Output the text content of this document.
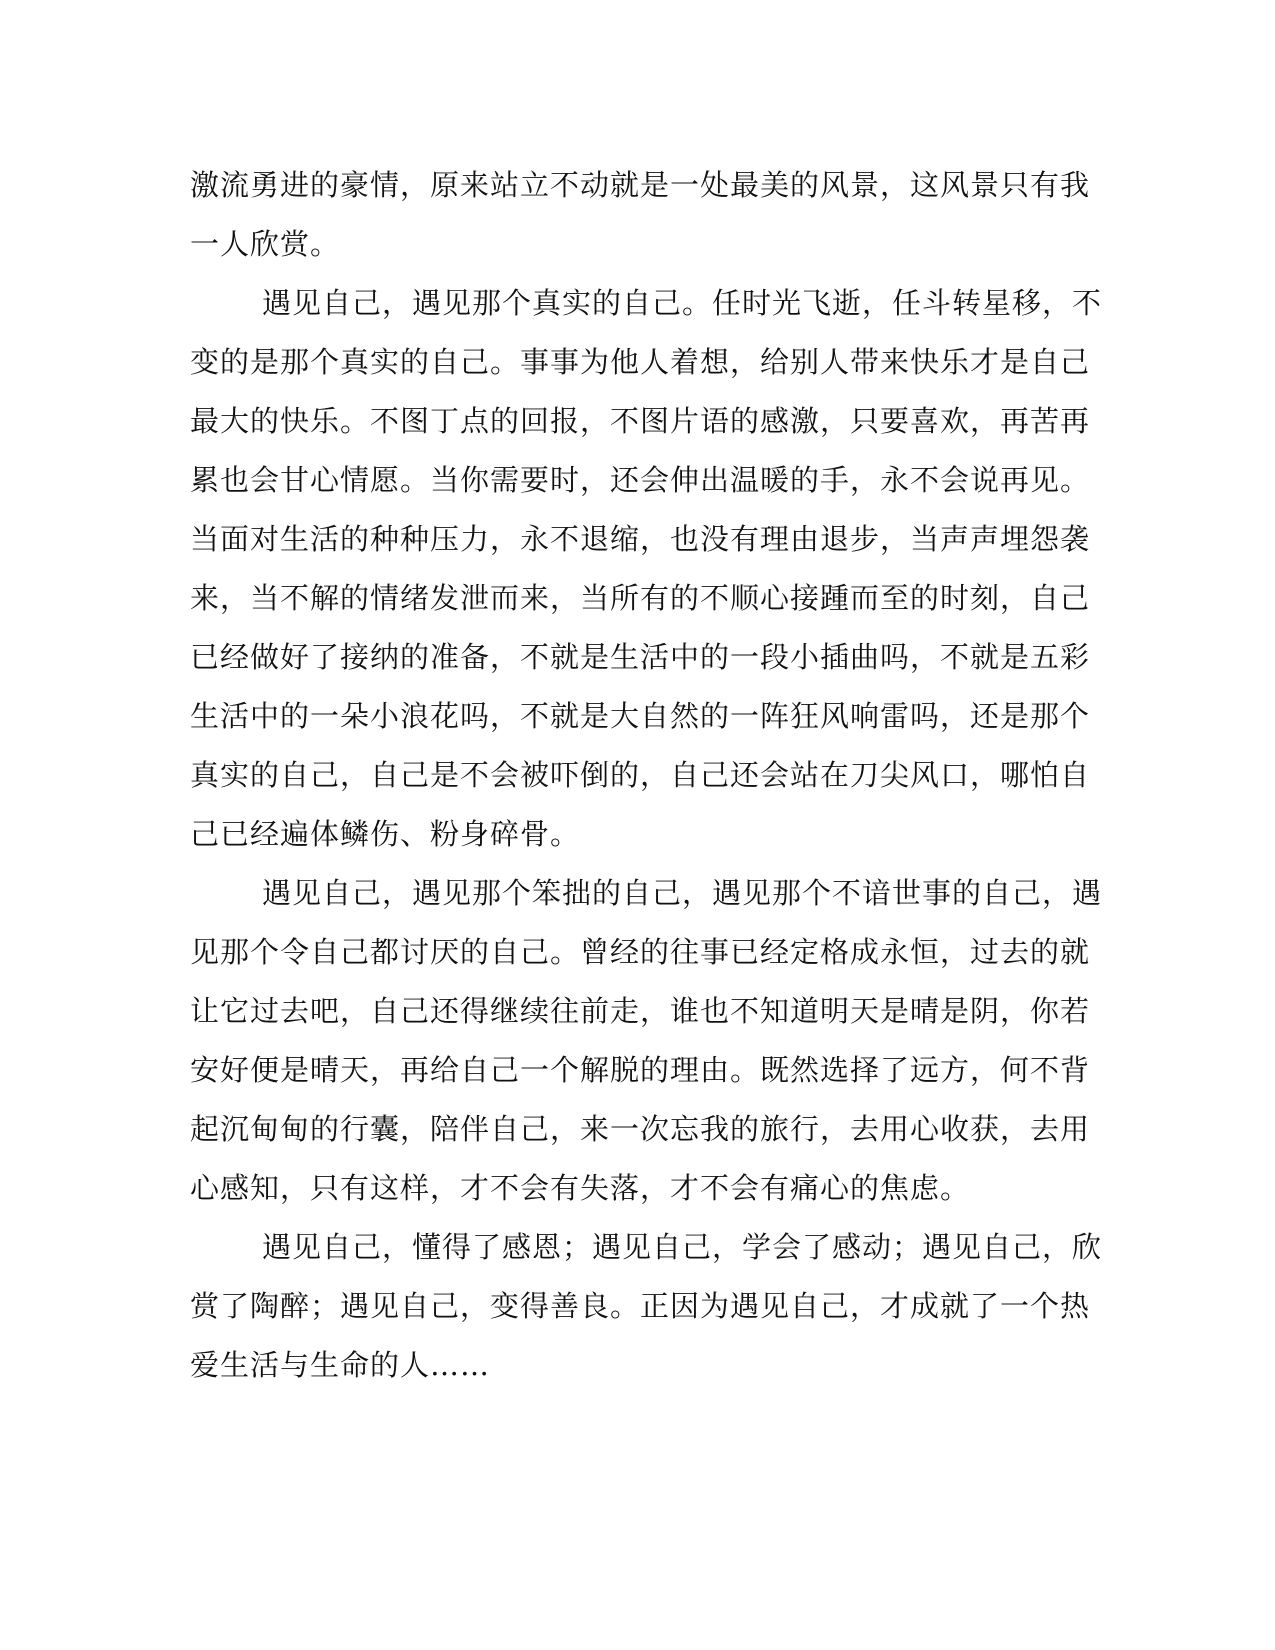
激流勇进的豪情，原来站立不动就是一处最美的风景，这风景只有我
一人欣赏。
遇见自己，遇见那个真实的自己。任时光飞逝，任斗转星移，不
变的是那个真实的自己。事事为他人着想，给别人带来快乐才是自己
最大的快乐。不图丁点的回报，不图片语的感激，只要喜欢，再苦再
累也会甘心情愿。当你需要时，还会伸出温暖的手，永不会说再见。
当面对生活的种种压力，永不退缩，也没有理由退步，当声声埋怨袭
来，当不解的情绪发泄而来，当所有的不顺心接踵而至的时刻，自己
已经做好了接纳的准备，不就是生活中的一段小插曲吗，不就是五彩
生活中的一朵小浪花吗，不就是大自然的一阵狂风响雷吗，还是那个
真实的自己，自己是不会被吓倒的，自己还会站在刀尖风口，哪怕自
己已经遍体鳞伤、粉身碎骨。
遇见自己，遇见那个笨拙的自己，遇见那个不谙世事的自己，遇
见那个令自己都讨厌的自己。曾经的往事已经定格成永恒，过去的就
让它过去吧，自己还得继续往前走，谁也不知道明天是晴是阴，你若
安好便是晴天，再给自己一个解脱的理由。既然选择了远方，何不背
起沉甸甸的行囊，陪伴自己，来一次忘我的旅行，去用心收获，去用
心感知，只有这样，才不会有失落，才不会有痛心的焦虑。
遇见自己，懂得了感恩；遇见自己，学会了感动；遇见自己，欣
赏了陶醉；遇见自己，变得善良。正因为遇见自己，才成就了一个热
爱生活与生命的人……
